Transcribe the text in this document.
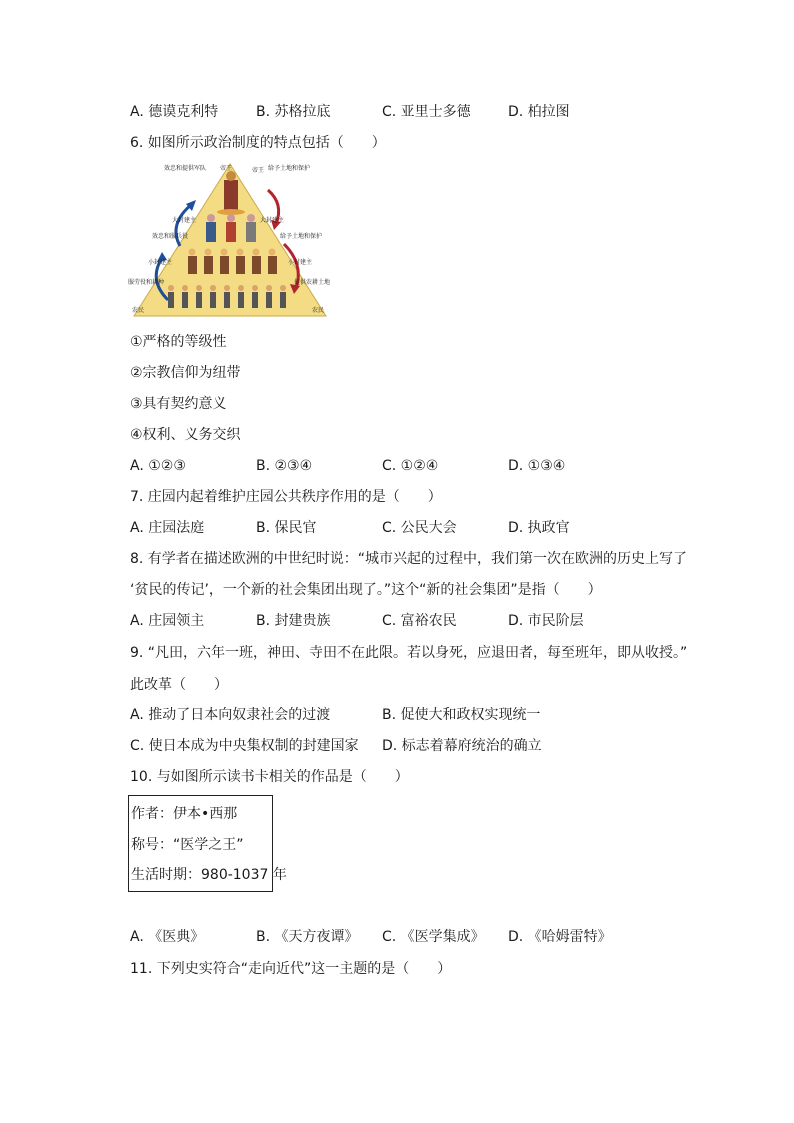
A. 德谟克利特	B. 苏格拉底	C. 亚里士多德	D. 柏拉图
6. 如图所示政治制度的特点包括（　　）
帝王	帝王
效忠和提供军队	给予土地和保护
大封建主	大封建主
效忠和服兵役	给予土地和保护
小封建主	小封建主
服劳役和耕种	提供农耕土地
农民	农民
①严格的等级性
②宗教信仰为纽带
③具有契约意义
④权利、义务交织
A. ①②③	B. ②③④	C. ①②④	D. ①③④
7. 庄园内起着维护庄园公共秩序作用的是（　　）
A. 庄园法庭	B. 保民官	C. 公民大会	D. 执政官
8. 有学者在描述欧洲的中世纪时说：“城市兴起的过程中，我们第一次在欧洲的历史上写了
‘贫民的传记’，一个新的社会集团出现了。”这个“新的社会集团”是指（　　）
A. 庄园领主	B. 封建贵族	C. 富裕农民	D. 市民阶层
9. “凡田，六年一班，神田、寺田不在此限。若以身死，应退田者，每至班年，即从收授。”
此改革（　　）
A. 推动了日本向奴隶社会的过渡	B. 促使大和政权实现统一
C. 使日本成为中央集权制的封建国家 D. 标志着幕府统治的确立
10. 与如图所示读书卡相关的作品是（　　）
作者：伊本•西那
称号：“医学之王”
生活时期：980-1037 年
A. 《医典》	B. 《天方夜谭》 C. 《医学集成》 D. 《哈姆雷特》
11. 下列史实符合“走向近代”这一主题的是（　　）
